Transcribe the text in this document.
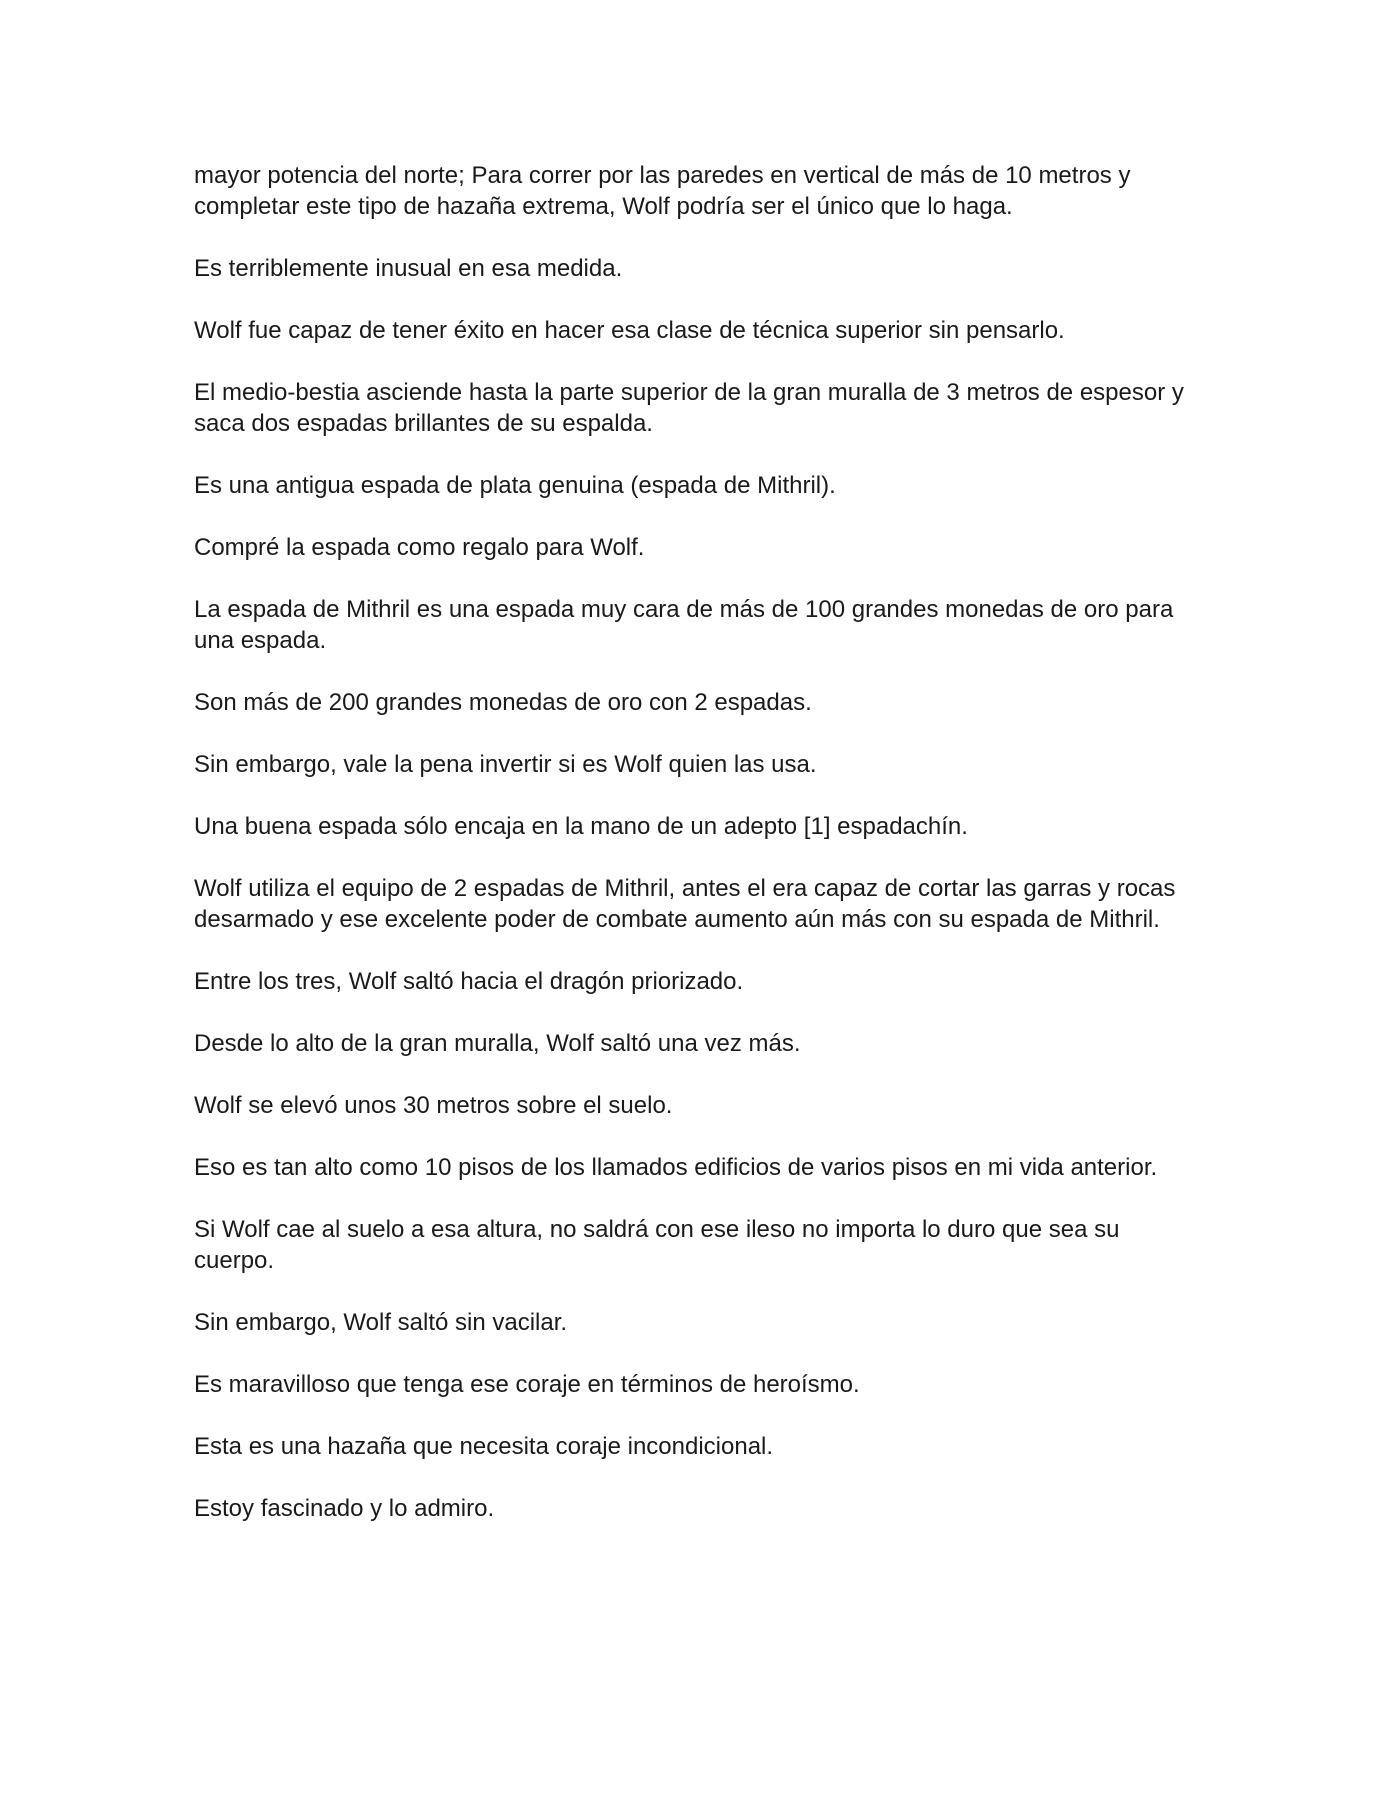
mayor potencia del norte; Para correr por las paredes en vertical de más de 10 metros y completar este tipo de hazaña extrema, Wolf podría ser el único que lo haga.

Es terriblemente inusual en esa medida.

Wolf fue capaz de tener éxito en hacer esa clase de técnica superior sin pensarlo.

El medio-bestia asciende hasta la parte superior de la gran muralla de 3 metros de espesor y saca dos espadas brillantes de su espalda.

Es una antigua espada de plata genuina (espada de Mithril).

Compré la espada como regalo para Wolf.

La espada de Mithril es una espada muy cara de más de 100 grandes monedas de oro para una espada.

Son más de 200 grandes monedas de oro con 2 espadas.

Sin embargo, vale la pena invertir si es Wolf quien las usa.

Una buena espada sólo encaja en la mano de un adepto [1] espadachín.

Wolf utiliza el equipo de 2 espadas de Mithril, antes el era capaz de cortar las garras y rocas desarmado y ese excelente poder de combate aumento aún más con su espada de Mithril.

Entre los tres, Wolf saltó hacia el dragón priorizado.

Desde lo alto de la gran muralla, Wolf saltó una vez más.

Wolf se elevó unos 30 metros sobre el suelo.

Eso es tan alto como 10 pisos de los llamados edificios de varios pisos en mi vida anterior.

Si Wolf cae al suelo a esa altura, no saldrá con ese ileso no importa lo duro que sea su cuerpo.

Sin embargo, Wolf saltó sin vacilar.

Es maravilloso que tenga ese coraje en términos de heroísmo.

Esta es una hazaña que necesita coraje incondicional.

Estoy fascinado y lo admiro.
